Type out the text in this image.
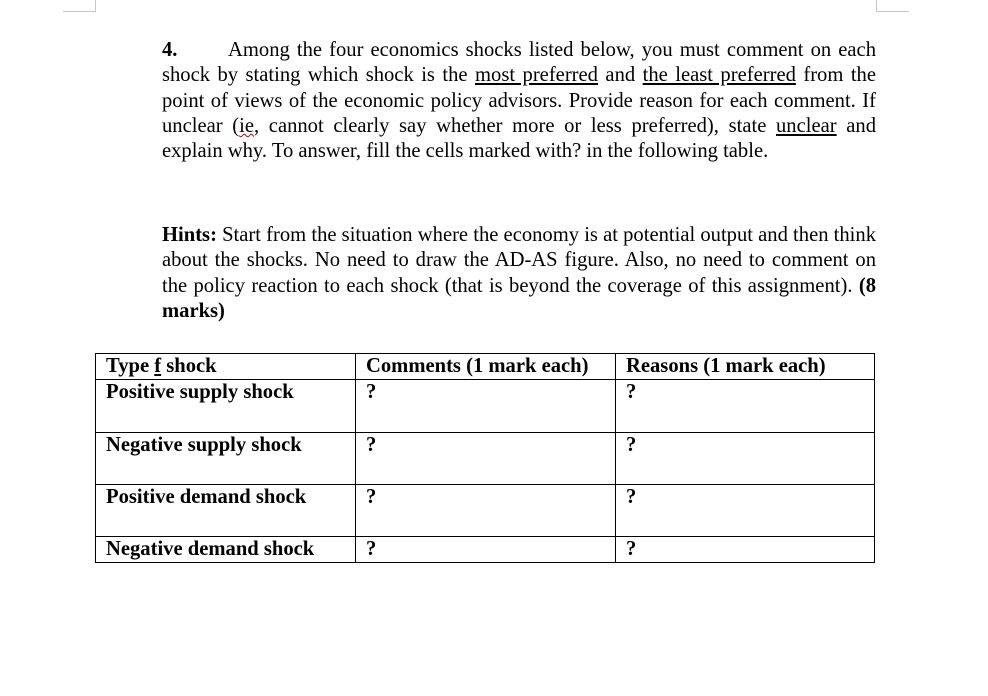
4. Among the four economics shocks listed below, you must comment on each shock by stating which shock is the most preferred and the least preferred from the point of views of the economic policy advisors. Provide reason for each comment. If unclear (ie, cannot clearly say whether more or less preferred), state unclear and explain why. To answer, fill the cells marked with? in the following table.
Hints: Start from the situation where the economy is at potential output and then think about the shocks. No need to draw the AD-AS figure. Also, no need to comment on the policy reaction to each shock (that is beyond the coverage of this assignment). (8 marks)
Type f shock	Comments (1 mark each)	Reasons (1 mark each)
Positive supply shock	?	?
Negative supply shock	?	?
Positive demand shock	?	?
Negative demand shock	?	?
